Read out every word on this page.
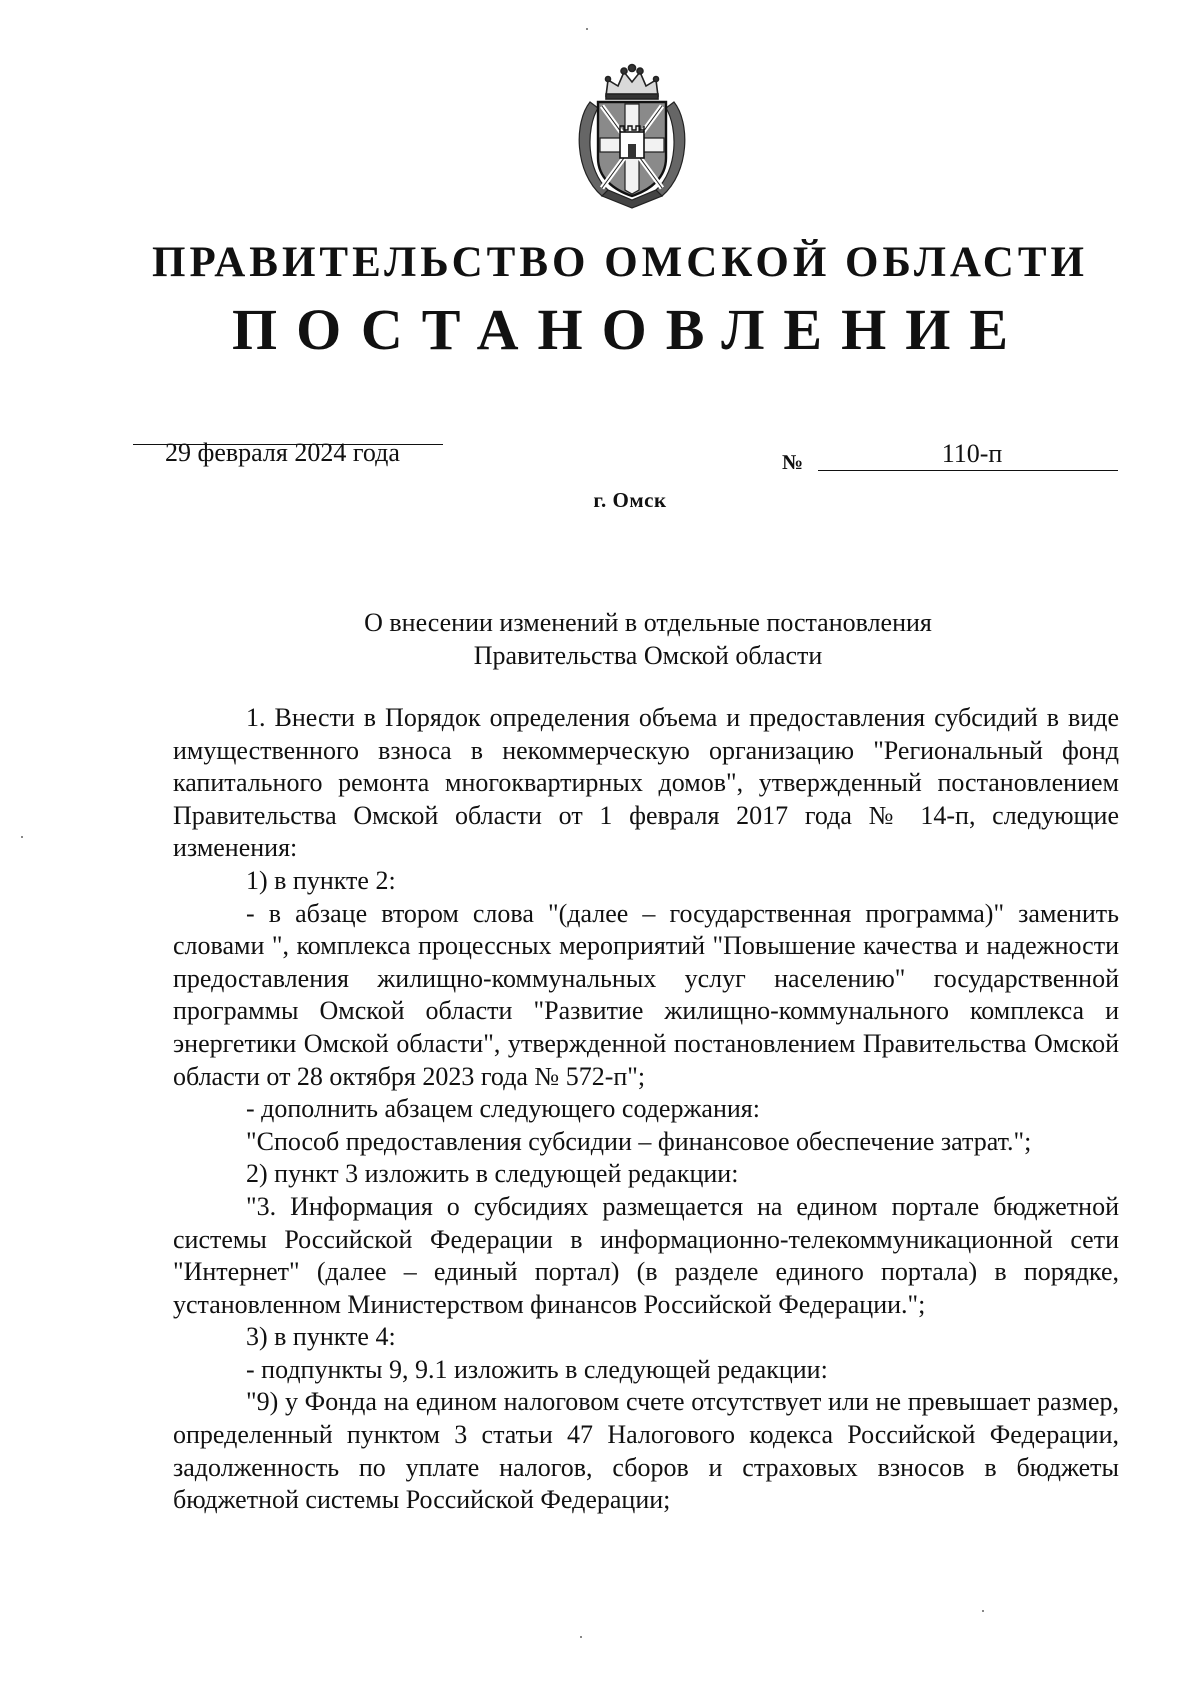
ПРАВИТЕЛЬСТВО ОМСКОЙ ОБЛАСТИ
ПОСТАНОВЛЕНИЕ
29 февраля 2024 года	№	110-п
г. Омск
О внесении изменений в отдельные постановления
Правительства Омской области

1. Внести в Порядок определения объема и предоставления субсидий в виде имущественного взноса в некоммерческую организацию "Региональный фонд капитального ремонта многоквартирных домов", утвержденный постановлением Правительства Омской области от 1 февраля 2017 года № 14-п, следующие изменения:

1) в пункте 2:

- в абзаце втором слова "(далее – государственная программа)" заменить словами ", комплекса процессных мероприятий "Повышение качества и надежности предоставления жилищно-коммунальных услуг населению" государственной программы Омской области "Развитие жилищно-коммунального комплекса и энергетики Омской области", утвержденной постановлением Правительства Омской области от 28 октября 2023 года № 572-п";

- дополнить абзацем следующего содержания:

"Способ предоставления субсидии – финансовое обеспечение затрат.";

2) пункт 3 изложить в следующей редакции:

"3. Информация о субсидиях размещается на едином портале бюджетной системы Российской Федерации в информационно-телекоммуникационной сети "Интернет" (далее – единый портал) (в разделе единого портала) в порядке, установленном Министерством финансов Российской Федерации.";

3) в пункте 4:

- подпункты 9, 9.1 изложить в следующей редакции:

"9) у Фонда на едином налоговом счете отсутствует или не превышает размер, определенный пунктом 3 статьи 47 Налогового кодекса Российской Федерации, задолженность по уплате налогов, сборов и страховых взносов в бюджеты бюджетной системы Российской Федерации;
